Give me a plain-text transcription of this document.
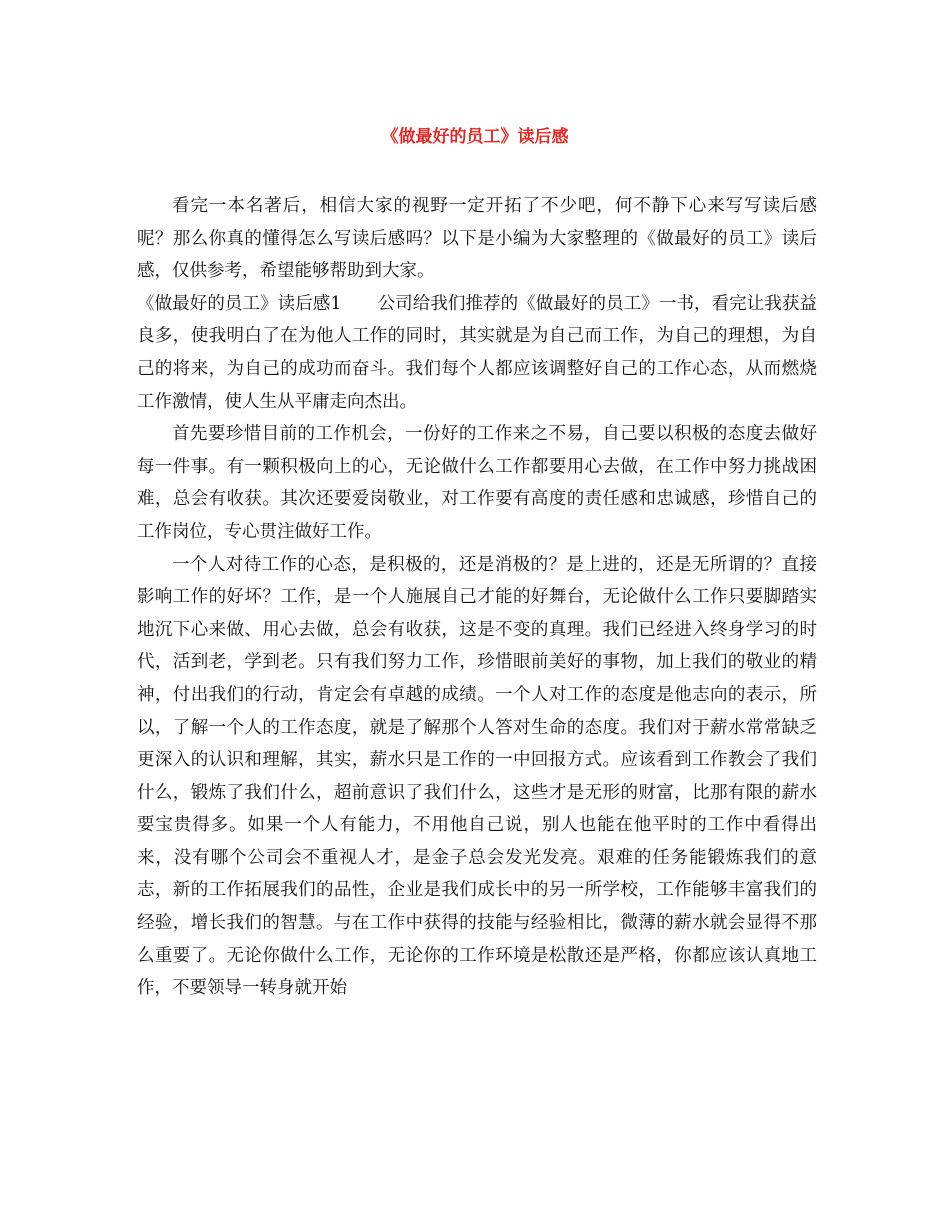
《做最好的员工》读后感

看完一本名著后，相信大家的视野一定开拓了不少吧，何不静下心来写写读后感呢？那么你真的懂得怎么写读后感吗？以下是小编为大家整理的《做最好的员工》读后感，仅供参考，希望能够帮助到大家。

《做最好的员工》读后感1 公司给我们推荐的《做最好的员工》一书，看完让我获益良多，使我明白了在为他人工作的同时，其实就是为自己而工作，为自己的理想，为自己的将来，为自己的成功而奋斗。我们每个人都应该调整好自己的工作心态，从而燃烧工作激情，使人生从平庸走向杰出。

首先要珍惜目前的工作机会，一份好的工作来之不易，自己要以积极的态度去做好每一件事。有一颗积极向上的心，无论做什么工作都要用心去做，在工作中努力挑战困难，总会有收获。其次还要爱岗敬业，对工作要有高度的责任感和忠诚感，珍惜自己的工作岗位，专心贯注做好工作。

一个人对待工作的心态，是积极的，还是消极的？是上进的，还是无所谓的？直接影响工作的好坏？工作，是一个人施展自己才能的好舞台，无论做什么工作只要脚踏实地沉下心来做、用心去做，总会有收获，这是不变的真理。我们已经进入终身学习的时代，活到老，学到老。只有我们努力工作，珍惜眼前美好的事物，加上我们的敬业的精神，付出我们的行动，肯定会有卓越的成绩。一个人对工作的态度是他志向的表示，所以，了解一个人的工作态度，就是了解那个人答对生命的态度。我们对于薪水常常缺乏更深入的认识和理解，其实，薪水只是工作的一中回报方式。应该看到工作教会了我们什么，锻炼了我们什么，超前意识了我们什么，这些才是无形的财富，比那有限的薪水要宝贵得多。如果一个人有能力，不用他自己说，别人也能在他平时的工作中看得出来，没有哪个公司会不重视人才，是金子总会发光发亮。艰难的任务能锻炼我们的意志，新的工作拓展我们的品性，企业是我们成长中的另一所学校，工作能够丰富我们的经验，增长我们的智慧。与在工作中获得的技能与经验相比，微薄的薪水就会显得不那么重要了。无论你做什么工作，无论你的工作环境是松散还是严格，你都应该认真地工作，不要领导一转身就开始
